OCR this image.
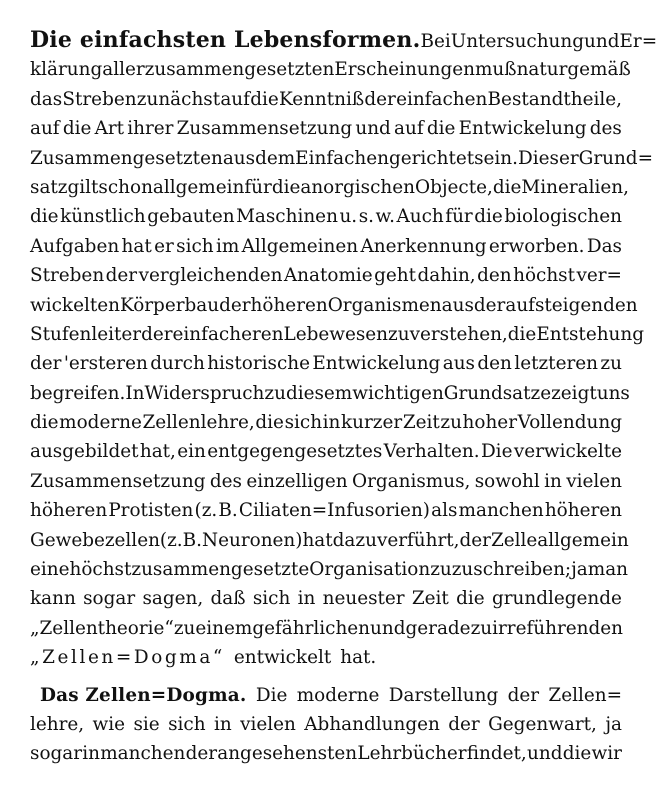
Die einfachsten Lebensformen. Bei Untersuchung und Er=
klärung aller zusammengesetzten Erscheinungen muß naturgemäß
das Streben zunächst auf die Kenntniß der einfachen Bestandtheile,
auf die Art ihrer Zusammensetzung und auf die Entwickelung des
Zusammengesetzten aus dem Einfachen gerichtet sein. Dieser Grund=
satz gilt schon allgemein für die anorgischen Objecte, die Mineralien,
die künstlich gebauten Maschinen u. s. w. Auch für die biologischen
Aufgaben hat er sich im Allgemeinen Anerkennung erworben. Das
Streben der vergleichenden Anatomie geht dahin, den höchst ver=
wickelten Körperbau der höheren Organismen aus der aufsteigenden
Stufenleiter der einfacheren Lebewesen zu verstehen, die Entstehung
der 'ersteren durch historische Entwickelung aus den letzteren zu
begreifen. In Widerspruch zu diesem wichtigen Grundsatze zeigt uns
die moderne Zellenlehre, die sich in kurzer Zeit zu hoher Vollendung
ausgebildet hat, ein entgegengesetztes Verhalten. Die verwickelte
Zusammensetzung des einzelligen Organismus, sowohl in vielen
höheren Protisten (z. B. Ciliaten=Infusorien) als manchen höheren
Gewebezellen (z. B. Neuronen) hat dazu verführt, der Zelle allgemein
eine höchst zusammengesetzte Organisation zuzuschreiben; ja man
kann sogar sagen, daß sich in neuester Zeit die grundlegende
„Zellentheorie“ zu einem gefährlichen und geradezu irreführenden
„Zellen=Dogma“ entwickelt hat.
Das Zellen=Dogma. Die moderne Darstellung der Zellen=
lehre, wie sie sich in vielen Abhandlungen der Gegenwart, ja
sogar in manchen der angesehensten Lehrbücher findet, und die wir
